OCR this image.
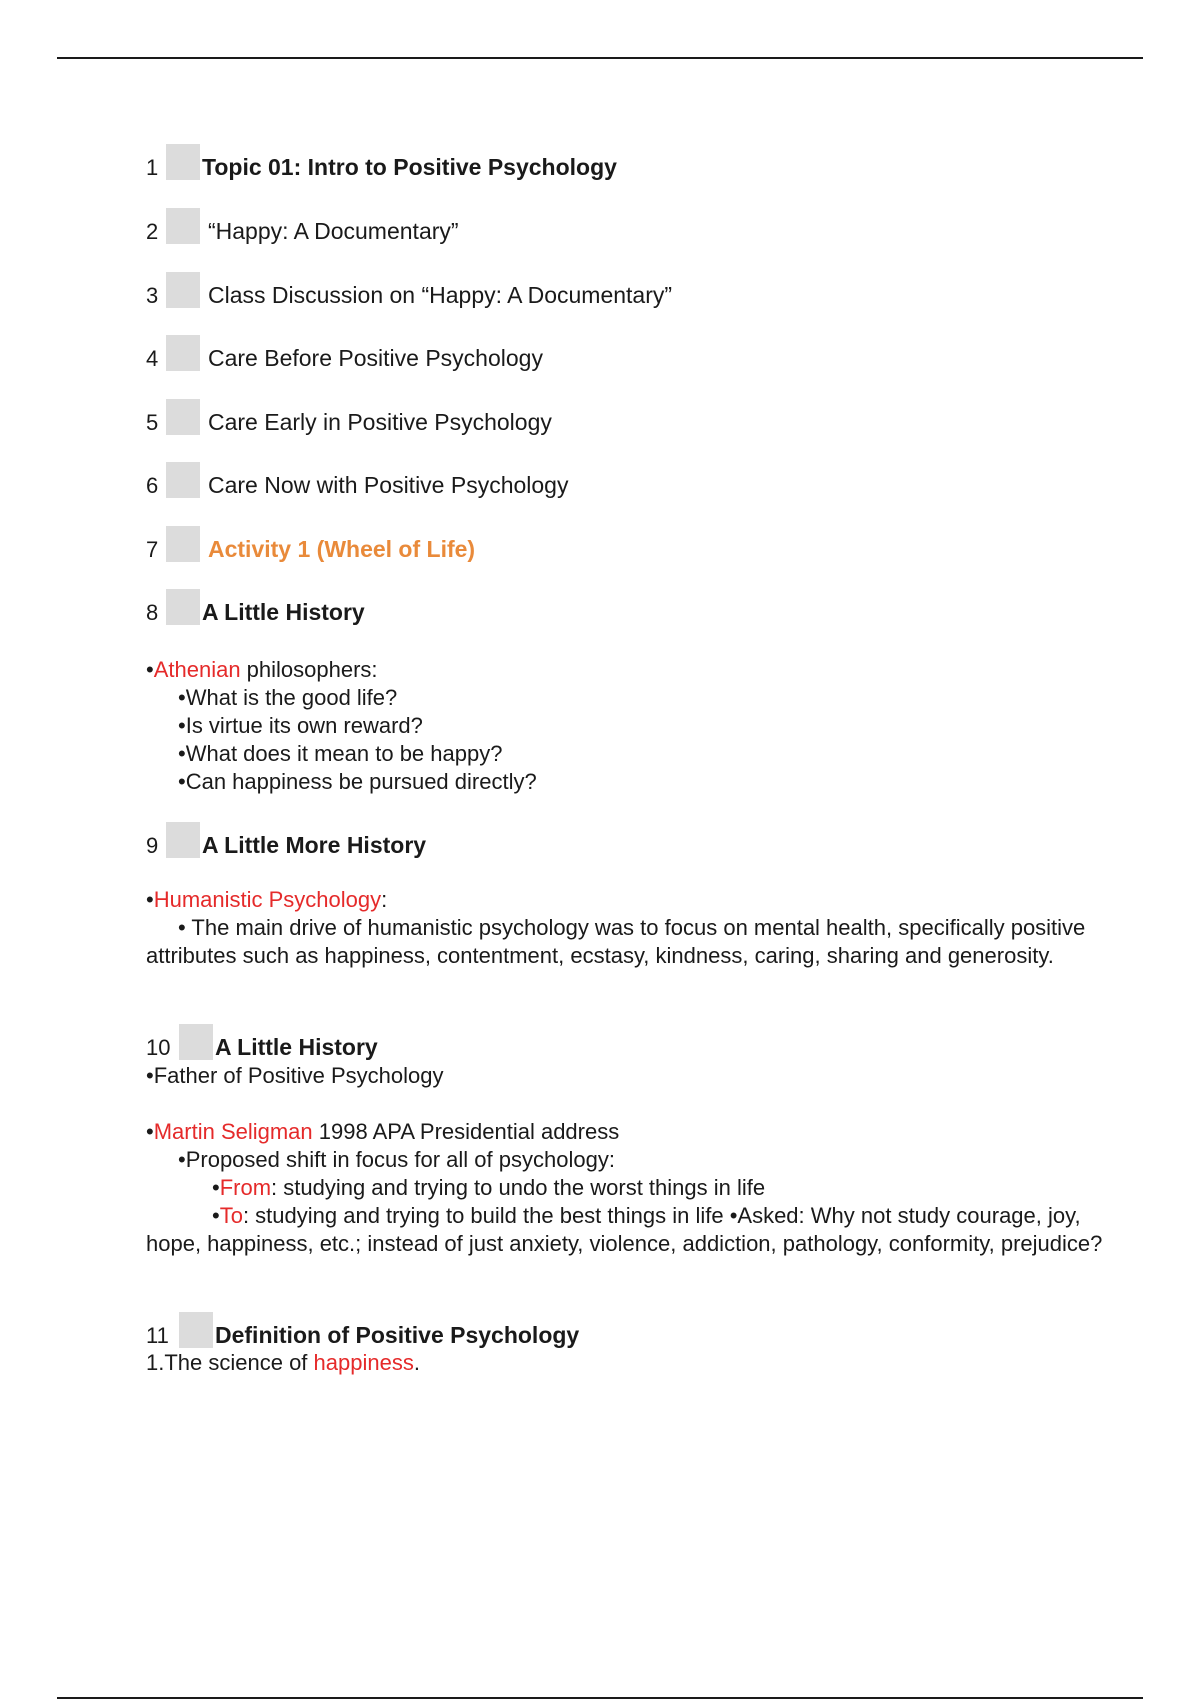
1 Topic 01: Intro to Positive Psychology
2 “Happy: A Documentary”
3 Class Discussion on “Happy: A Documentary”
4 Care Before Positive Psychology
5 Care Early in Positive Psychology
6 Care Now with Positive Psychology
7 Activity 1 (Wheel of Life)
8 A Little History

•Athenian philosophers:

•What is the good life?

•Is virtue its own reward?

•What does it mean to be happy?

•Can happiness be pursued directly?

9 A Little More History

•Humanistic Psychology:

• The main drive of humanistic psychology was to focus on mental health, specifically positive attributes such as happiness, contentment, ecstasy, kindness, caring, sharing and generosity.

10 A Little History

•Father of Positive Psychology

•Martin Seligman 1998 APA Presidential address

•Proposed shift in focus for all of psychology:

•From: studying and trying to undo the worst things in life

•To: studying and trying to build the best things in life •Asked: Why not study courage, joy, hope, happiness, etc.; instead of just anxiety, violence, addiction, pathology, conformity, prejudice?

11 Definition of Positive Psychology

1.The science of happiness.
